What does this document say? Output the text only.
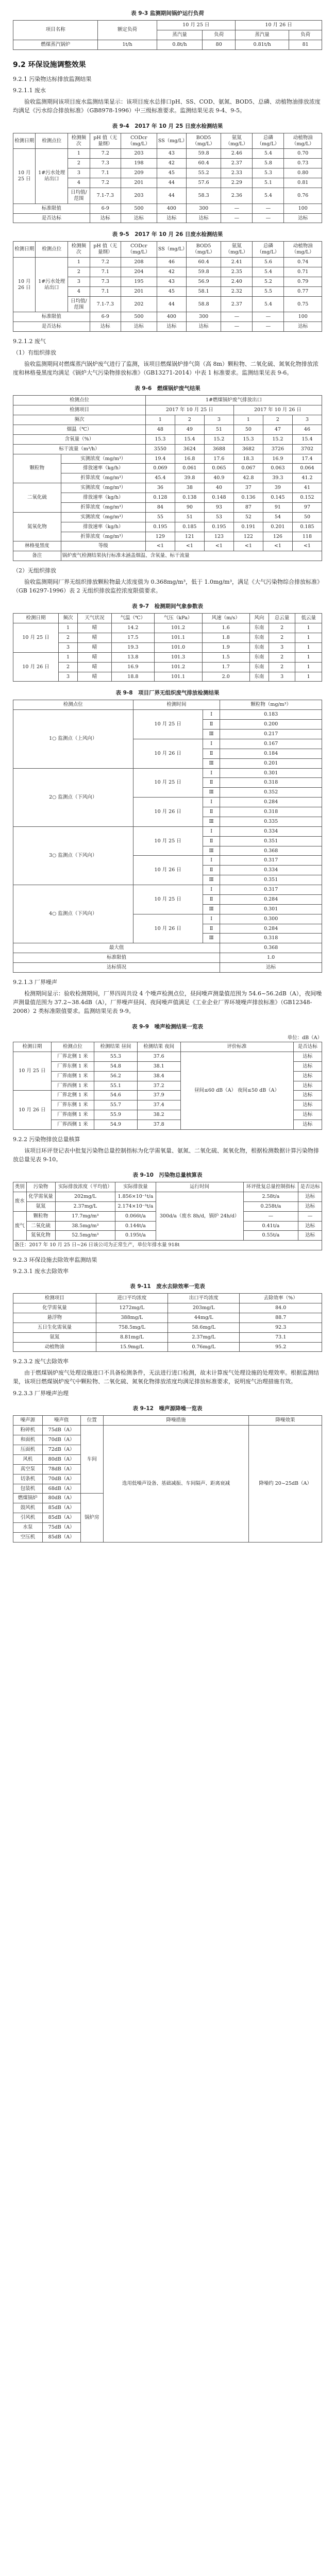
表 9-3 监测期间锅炉运行负荷
项目名称	额定负荷	10 月 25 日		10 月 26 日	
		蒸汽量	负荷	蒸汽量	负荷
燃煤蒸汽锅炉	1t/h	0.8t/h	80	0.81t/h	81
9.2 环保设施调整效果
9.2.1 污染物达标排放监测结果
9.2.1.1 废水

验收监测期间该项目废水监测结果显示：该项目废水总排口pH、SS、COD、氨氮、BOD5、总磷、动植物油排放浓度均满足《污水综合排放标准》（GB8978-1996）中三级标准要求。监测结果见表 9-4、9-5。

表 9-4　2017 年 10 月 25 日废水检测结果
检测日期	检测点位	检测频次	pH 值（无量纲）	CODcr（mg/L）	SS（mg/L）	BOD5（mg/L）	氨氮（mg/L）	总磷（mg/L）	动植物油（mg/L）
10 月 25 日	1#污水处理站出口	1	7.2	203	43	59.8	2.46	5.4	0.70
		2	7.3	198	42	60.4	2.37	5.8	0.73
		3	7.1	209	45	55.2	2.33	5.3	0.80
		4	7.2	201	44	57.6	2.29	5.1	0.81
		日均值/范围	7.1-7.3	203	44	58.3	2.36	5.4	0.76
标准限值			6-9	500	400	300	—	—	100
是否达标			达标	达标	达标	达标	—	—	达标
表 9-5　2017 年 10 月 26 日废水检测结果
检测日期	检测点位	检测频次	pH 值（无量纲）	CODcr（mg/L）	SS（mg/L）	BOD5（mg/L）	氨氮（mg/L）	总磷（mg/L）	动植物油（mg/L）
10 月 26 日	1#污水处理站出口	1	7.2	208	46	60.4	2.41	5.6	0.74
		2	7.1	204	42	59.8	2.35	5.4	0.71
		3	7.3	195	43	56.9	2.40	5.2	0.79
		4	7.1	201	45	58.1	2.32	5.5	0.77
		日均值/范围	7.1-7.3	202	44	58.8	2.37	5.4	0.75
标准限值			6-9	500	400	300	—	—	100
是否达标			达标	达标	达标	达标	—	—	达标
9.2.1.2 废气
（1）有组织排放

验收监测期间对燃煤蒸汽锅炉废气进行了监测，该项目燃煤锅炉排气筒（高 8m）颗粒物、二氧化硫、氮氧化物排放浓度和林格曼黑度均满足《锅炉大气污染物排放标准》（GB13271-2014）中表 1 标准要求。监测结果见表 9-6。

表 9-6　燃煤锅炉废气结果
检测点位		1#燃煤锅炉废气排放出口					
检测项目		2017 年 10 月 25 日			2017 年 10 月 26 日		
频次		1	2	3	1	2	3
烟温（℃）		48	49	51	50	47	46
含氧量（%）		15.3	15.4	15.2	15.3	15.2	15.4
标干流量（m³/h）		3550	3624	3688	3682	3726	3702
颗粒物	实测浓度（mg/m³）	19.4	16.8	17.6	18.3	16.9	17.4
	排放速率（kg/h）	0.069	0.061	0.065	0.067	0.063	0.064
	折算浓度（mg/m³）	45.4	39.8	40.9	42.8	39.3	41.2
二氧化硫	实测浓度（mg/m³）	36	38	40	37	39	41
	排放速率（kg/h）	0.128	0.138	0.148	0.136	0.145	0.152
	折算浓度（mg/m³）	84	90	93	87	91	97
氮氧化物	实测浓度（mg/m³）	55	51	53	52	54	50
	排放速率（kg/h）	0.195	0.185	0.195	0.191	0.201	0.185
	折算浓度（mg/m³）	129	121	123	122	126	118
林格曼黑度	等级	<1	<1	<1	<1	<1	<1
备注	锅炉废气检测结果执行标准未涵盖烟温、含氧量、标干流量						
（2）无组织排放

验收监测期间厂界无组织排放颗粒物最大浓度值为 0.368mg/m³，低于 1.0mg/m³，满足《大气污染物综合排放标准》（GB 16297-1996）表 2 无组织排放监控浓度限值要求。

表 9-7　检测期间气象参数表
检测日期	频次	天气状况	气温（℃）	气压（kPa）	风速（m/s）	风向	总云量	低云量
10 月 25 日	1	晴	14.2	101.2	1.6	东南	2	1
	2	晴	17.5	101.1	1.8	东南	2	1
	3	晴	19.3	101.0	1.9	东南	3	1
10 月 26 日	1	晴	13.8	101.3	1.5	东南	2	1
	2	晴	16.9	101.2	1.7	东南	2	1
	3	晴	18.8	101.1	2.0	东南	3	1
表 9-8　项目厂界无组织废气排放检测结果
检测点位	检测时间		颗粒物（mg/m³）
1○ 监测点（上风向）	10 月 25 日	Ⅰ	0.183
		Ⅱ	0.200
		Ⅲ	0.217
	10 月 26 日	Ⅰ	0.167
		Ⅱ	0.184
		Ⅲ	0.201
2○ 监测点（下风向）	10 月 25 日	Ⅰ	0.301
		Ⅱ	0.318
		Ⅲ	0.352
	10 月 26 日	Ⅰ	0.284
		Ⅱ	0.318
		Ⅲ	0.335
3○ 监测点（下风向）	10 月 25 日	Ⅰ	0.334
		Ⅱ	0.351
		Ⅲ	0.368
	10 月 26 日	Ⅰ	0.317
		Ⅱ	0.334
		Ⅲ	0.351
4○ 监测点（下风向）	10 月 25 日	Ⅰ	0.317
		Ⅱ	0.284
		Ⅲ	0.301
	10 月 26 日	Ⅰ	0.300
		Ⅱ	0.284
		Ⅲ	0.318
最大值			0.368
标准限值			1.0
达标情况			达标
9.2.1.3 厂界噪声

检测期间显示：验收检测期间，厂界四周共设 4 个噪声检测点位，昼间噪声测量值范围为 54.6~56.2dB（A），夜间噪声测量值范围为 37.2~38.4dB（A），厂界噪声昼间、夜间噪声值满足《工业企业厂界环境噪声排放标准》（GB12348-2008）2 类标准限值要求。监测结果见表 9-9。

表 9-9　噪声检测结果一览表
单位：dB（A）
检测日期	检测点位	检测结果 昼间	检测结果 夜间	评价标准	是否达标
10 月 25 日	厂界北侧 1 米	55.3	37.6	昼间≤60 dB（A） 夜间≤50 dB（A）	达标
	厂界东侧 1 米	54.8	38.1		达标
	厂界南侧 1 米	56.2	38.4		达标
	厂界西侧 1 米	55.1	37.2		达标
10 月 26 日	厂界北侧 1 米	54.6	37.9		达标
	厂界东侧 1 米	55.7	37.4		达标
	厂界南侧 1 米	55.9	38.2		达标
	厂界西侧 1 米	54.9	37.8		达标
9.2.2 污染物排放总量核算

该项目环评登记表中批复污染物总量控制指标为化学需氧量、氨氮、二氧化硫、氮氧化物，根据检测数据计算污染物排放总量见表 9-10。

表 9-10　污染物总量核算表
类别	污染物	实际排放浓度（平均值）	实际排放量	运行时间	环评批复总量控制指标	是否达标
废水	化学需氧量	202mg/L	1.856×10⁻¹t/a	300d/a（废水 8h/d，锅炉 24h/d）	2.58t/a	达标
	氨氮	2.37mg/L	2.174×10⁻³t/a		0.258t/a	达标
废气	颗粒物	17.7mg/m³	0.066t/a		—	—
	二氧化硫	38.5mg/m³	0.144t/a		0.41t/a	达标
	氮氧化物	52.5mg/m³	0.195t/a		0.55t/a	达标
备注：2017 年 10 月 25 日~26 日该公司为正常生产，单位年排水量 918t						
9.2.3 环保设施去除效率监测结果
9.2.3.1 废水去除效率
表 9-11　废水去除效率一览表
检测项目	进口平均浓度	出口平均浓度	去除效率（%）
化学需氧量	1272mg/L	203mg/L	84.0
悬浮物	388mg/L	44mg/L	88.7
五日生化需氧量	758.5mg/L	58.6mg/L	92.3
氨氮	8.81mg/L	2.37mg/L	73.1
动植物油	15.9mg/L	0.76mg/L	95.2
9.2.3.2 废气去除效率

由于燃煤锅炉废气处理设施进口不具备检测条件，无法进行进口检测，故未计算废气处理设施的处理效率。根据监测结果，该项目燃煤锅炉废气中颗粒物、二氧化硫、氮氧化物排放浓度均满足排放标准要求，说明废气治理措施有效。

9.2.3.3 厂界噪声治理
表 9-12　噪声源降噪一览表
噪声源	噪声值	位置	降噪措施	降噪效果
粉碎机	75dB（A）	车间	选用低噪声设备、基础减振、车间隔声、距离衰减	降噪约 20~25dB（A）
和面机	70dB（A）			
压面机	72dB（A）			
风机	80dB（A）			
真空泵	78dB（A）			
切条机	70dB（A）			
包装机	68dB（A）			
燃煤锅炉	80dB（A）	锅炉房		
鼓风机	85dB（A）			
引风机	85dB（A）			
水泵	75dB（A）			
空压机	85dB（A）			
